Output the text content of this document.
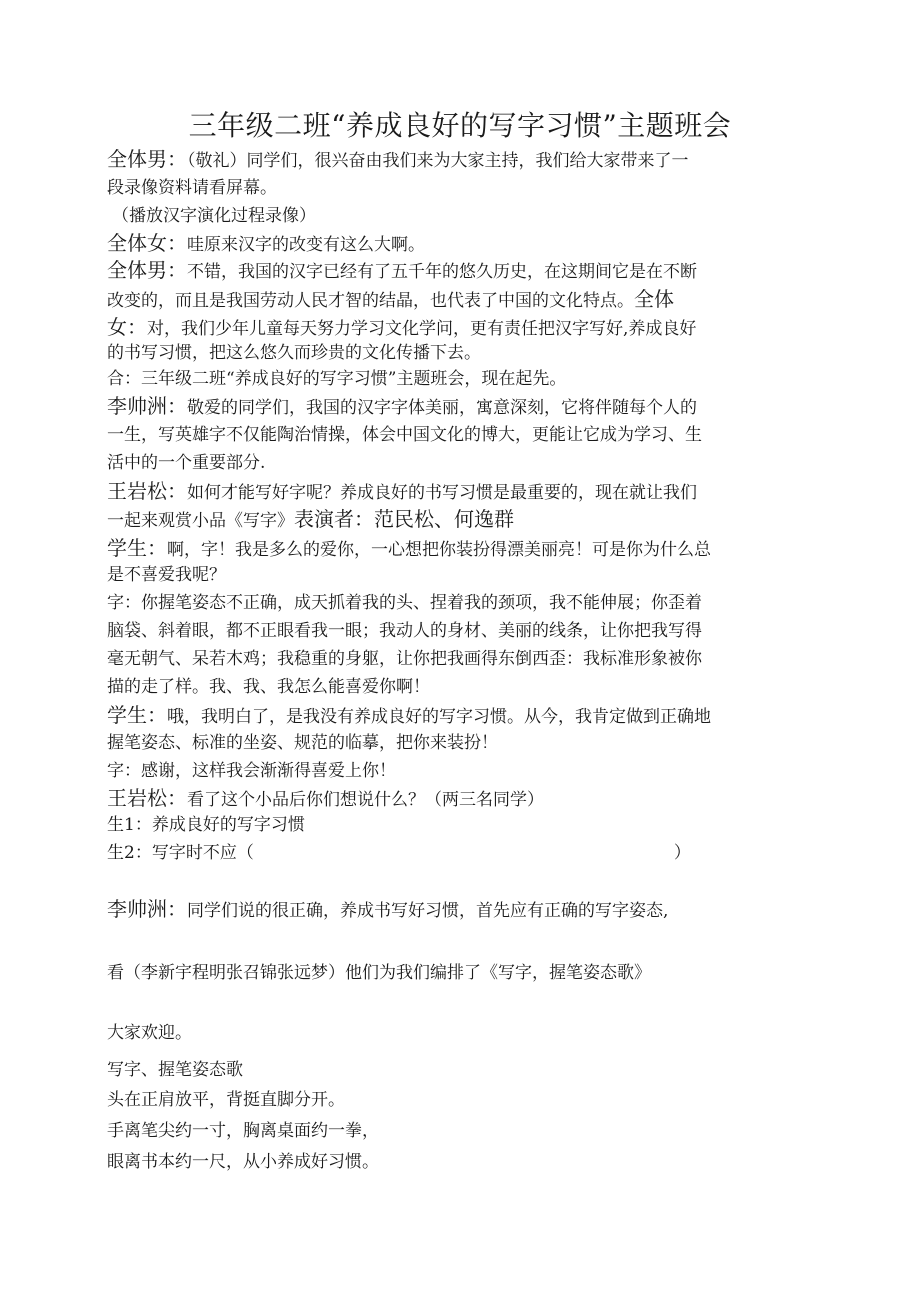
三年级二班“养成良好的写字习惯”主题班会
全体男：（敬礼）同学们，很兴奋由我们来为大家主持，我们给大家带来了一
段录像资料请看屏幕。
（播放汉字演化过程录像）
全体女：哇原来汉字的改变有这么大啊。
全体男：不错，我国的汉字已经有了五千年的悠久历史，在这期间它是在不断
改变的，而且是我国劳动人民才智的结晶，也代表了中国的文化特点。全体
女：对，我们少年儿童每天努力学习文化学问，更有责任把汉字写好,养成良好
的书写习惯，把这么悠久而珍贵的文化传播下去。
合：三年级二班“养成良好的写字习惯”主题班会，现在起先。
李帅洲：敬爱的同学们，我国的汉字字体美丽，寓意深刻，它将伴随每个人的
一生，写英雄字不仅能陶治情操，体会中国文化的博大，更能让它成为学习、生
活中的一个重要部分.
王岩松：如何才能写好字呢？养成良好的书写习惯是最重要的，现在就让我们
一起来观赏小品《写字》表演者：范民松、何逸群
学生：啊，字！我是多么的爱你，一心想把你装扮得漂美丽亮！可是你为什么总
是不喜爱我呢？
字：你握笔姿态不正确，成天抓着我的头、捏着我的颈项，我不能伸展；你歪着
脑袋、斜着眼，都不正眼看我一眼；我动人的身材、美丽的线条，让你把我写得
毫无朝气、呆若木鸡；我稳重的身躯，让你把我画得东倒西歪：我标准形象被你
描的走了样。我、我、我怎么能喜爱你啊！
学生：哦，我明白了，是我没有养成良好的写字习惯。从今，我肯定做到正确地
握笔姿态、标准的坐姿、规范的临摹，把你来装扮！
字：感谢，这样我会渐渐得喜爱上你！
王岩松：看了这个小品后你们想说什么？（两三名同学）
生1：养成良好的写字习惯
生2：写字时不应（	）
李帅洲：同学们说的很正确，养成书写好习惯，首先应有正确的写字姿态,
看（李新宇程明张召锦张远梦）他们为我们编排了《写字，握笔姿态歌》
大家欢迎。
写字、握笔姿态歌
头在正肩放平，背挺直脚分开。
手离笔尖约一寸，胸离桌面约一拳，
眼离书本约一尺，从小养成好习惯。
